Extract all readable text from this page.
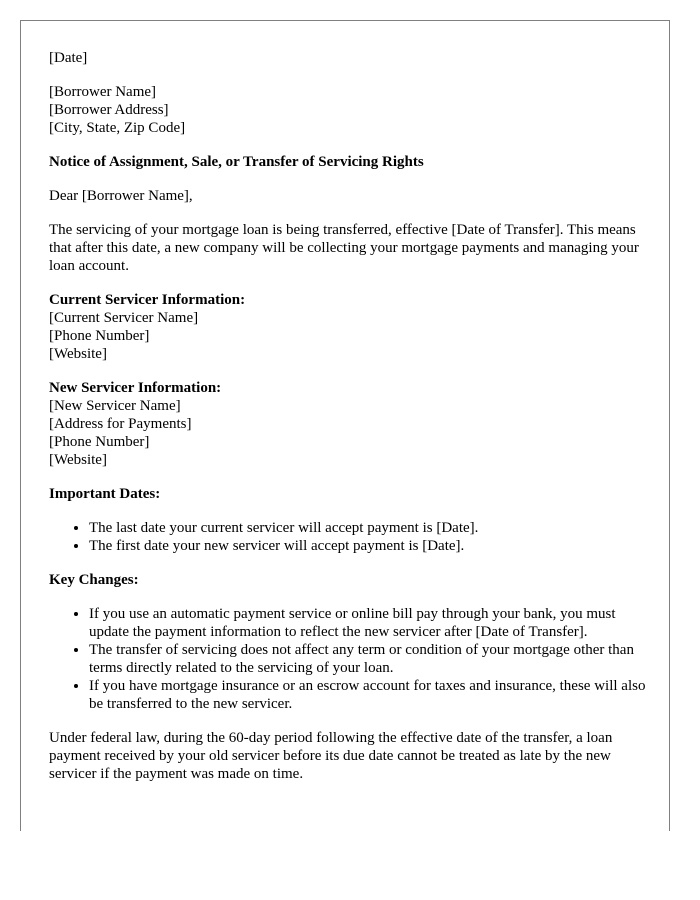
[Date]

[Borrower Name]
[Borrower Address]
[City, State, Zip Code]

Notice of Assignment, Sale, or Transfer of Servicing Rights

Dear [Borrower Name],

The servicing of your mortgage loan is being transferred, effective [Date of Transfer]. This means that after this date, a new company will be collecting your mortgage payments and managing your loan account.

Current Servicer Information:
[Current Servicer Name]
[Phone Number]
[Website]
New Servicer Information:
[New Servicer Name]
[Address for Payments]
[Phone Number]
[Website]

Important Dates:

• The last date your current servicer will accept payment is [Date].
• The first date your new servicer will accept payment is [Date].

Key Changes:

• If you use an automatic payment service or online bill pay through your bank, you must update the payment information to reflect the new servicer after [Date of Transfer].
• The transfer of servicing does not affect any term or condition of your mortgage other than terms directly related to the servicing of your loan.
• If you have mortgage insurance or an escrow account for taxes and insurance, these will also be transferred to the new servicer.

Under federal law, during the 60-day period following the effective date of the transfer, a loan payment received by your old servicer before its due date cannot be treated as late by the new servicer if the payment was made on time.
